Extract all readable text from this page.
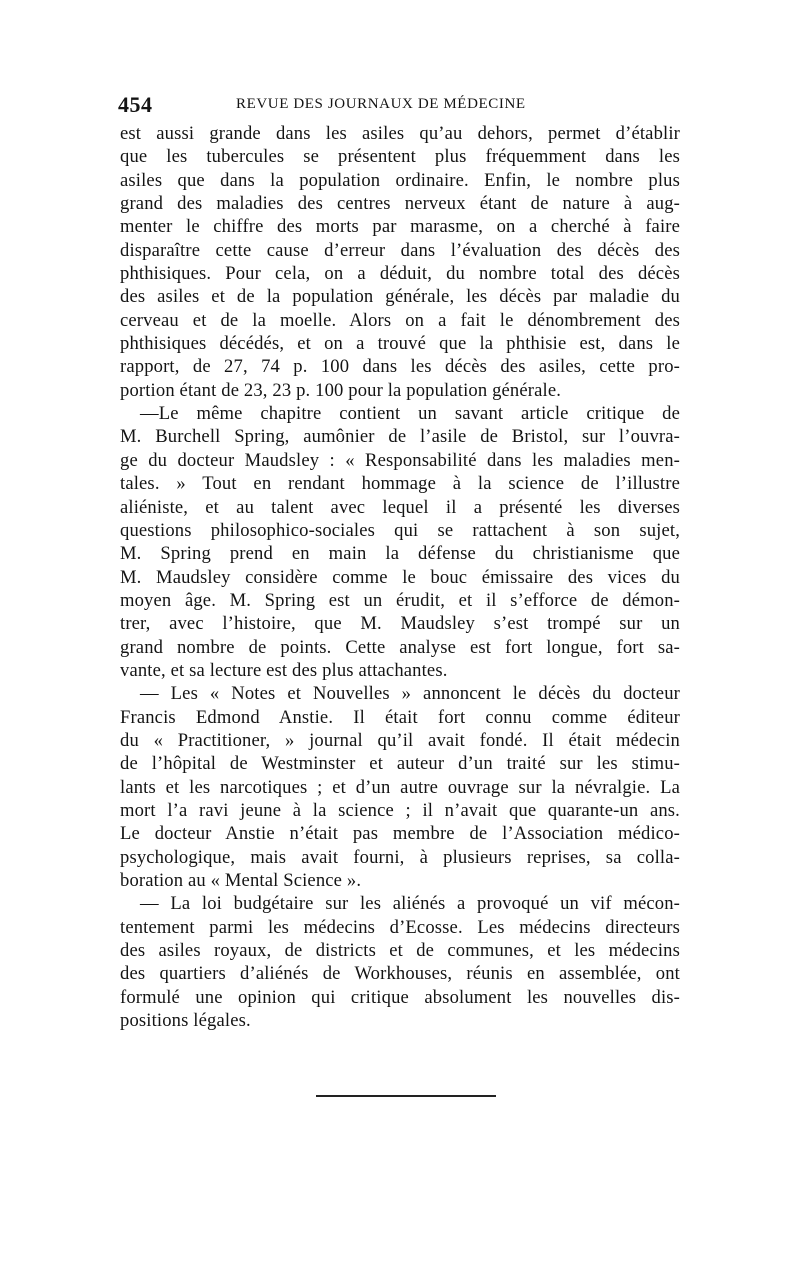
454	REVUE DES JOURNAUX DE MÉDECINE
est aussi grande dans les asiles qu’au dehors, permet d’établir
que les tubercules se présentent plus fréquemment dans les
asiles que dans la population ordinaire. Enfin, le nombre plus
grand des maladies des centres nerveux étant de nature à aug-
menter le chiffre des morts par marasme, on a cherché à faire
disparaître cette cause d’erreur dans l’évaluation des décès des
phthisiques. Pour cela, on a déduit, du nombre total des décès
des asiles et de la population générale, les décès par maladie du
cerveau et de la moelle. Alors on a fait le dénombrement des
phthisiques décédés, et on a trouvé que la phthisie est, dans le
rapport, de 27, 74 p. 100 dans les décès des asiles, cette pro-
portion étant de 23, 23 p. 100 pour la population générale.
—Le même chapitre contient un savant article critique de
M. Burchell Spring, aumônier de l’asile de Bristol, sur l’ouvra-
ge du docteur Maudsley : « Responsabilité dans les maladies men-
tales. » Tout en rendant hommage à la science de l’illustre
aliéniste, et au talent avec lequel il a présenté les diverses
questions philosophico-sociales qui se rattachent à son sujet,
M. Spring prend en main la défense du christianisme que
M. Maudsley considère comme le bouc émissaire des vices du
moyen âge. M. Spring est un érudit, et il s’efforce de démon-
trer, avec l’histoire, que M. Maudsley s’est trompé sur un
grand nombre de points. Cette analyse est fort longue, fort sa-
vante, et sa lecture est des plus attachantes.
— Les « Notes et Nouvelles » annoncent le décès du docteur
Francis Edmond Anstie. Il était fort connu comme éditeur
du « Practitioner, » journal qu’il avait fondé. Il était médecin
de l’hôpital de Westminster et auteur d’un traité sur les stimu-
lants et les narcotiques ; et d’un autre ouvrage sur la névralgie. La
mort l’a ravi jeune à la science ; il n’avait que quarante-un ans.
Le docteur Anstie n’était pas membre de l’Association médico-
psychologique, mais avait fourni, à plusieurs reprises, sa colla-
boration au « Mental Science ».
— La loi budgétaire sur les aliénés a provoqué un vif mécon-
tentement parmi les médecins d’Ecosse. Les médecins directeurs
des asiles royaux, de districts et de communes, et les médecins
des quartiers d’aliénés de Workhouses, réunis en assemblée, ont
formulé une opinion qui critique absolument les nouvelles dis-
positions légales.
